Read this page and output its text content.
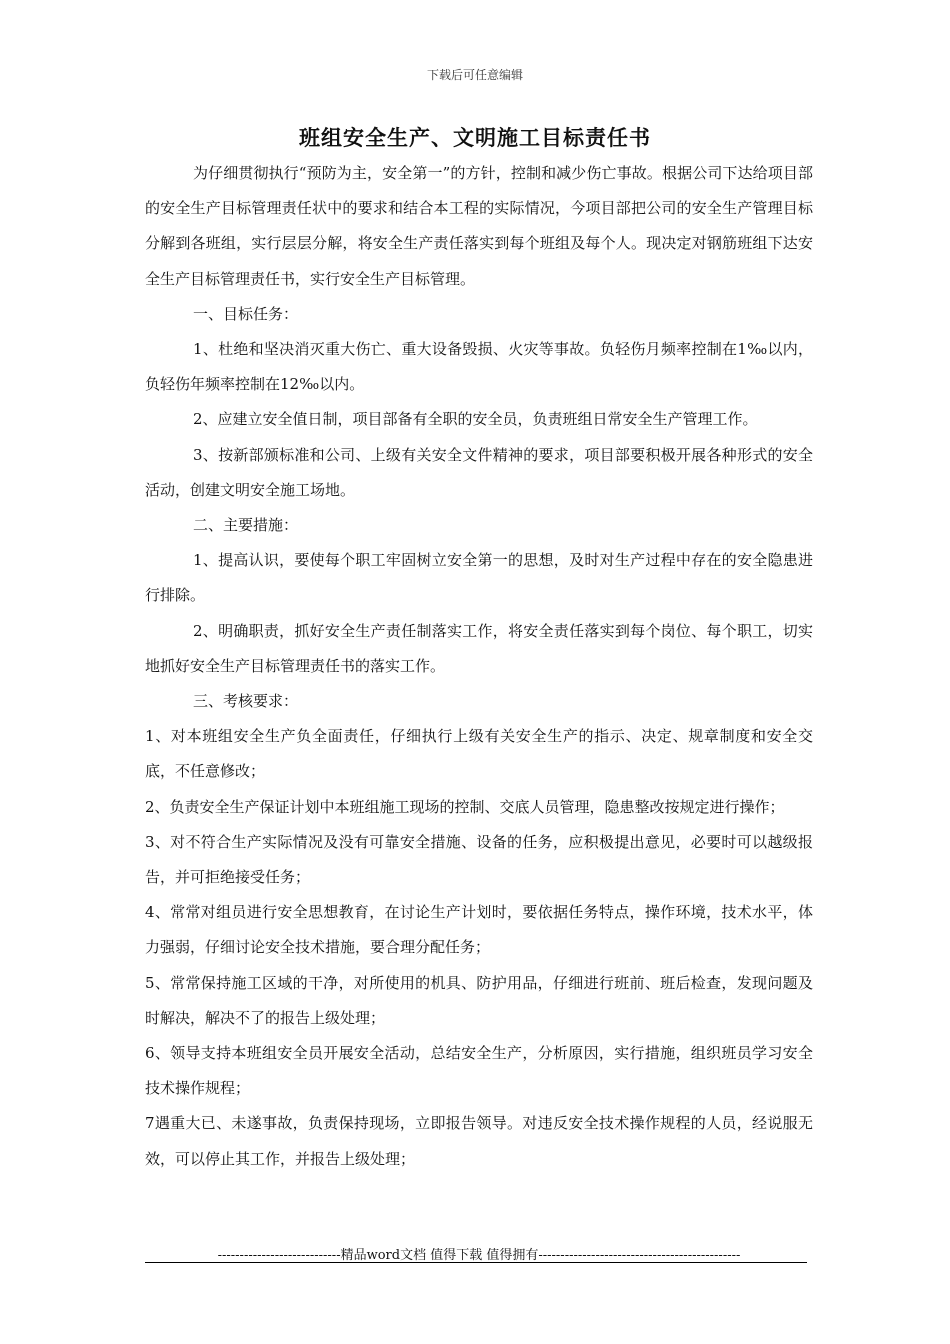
下载后可任意编辑
班组安全生产、文明施工目标责任书

为仔细贯彻执行“预防为主，安全第一”的方针，控制和减少伤亡事故。根据公司下达给项目部的安全生产目标管理责任状中的要求和结合本工程的实际情况，今项目部把公司的安全生产管理目标分解到各班组，实行层层分解，将安全生产责任落实到每个班组及每个人。现决定对钢筋班组下达安全生产目标管理责任书，实行安全生产目标管理。

一、目标任务：

1、杜绝和坚决消灭重大伤亡、重大设备毁损、火灾等事故。负轻伤月频率控制在1‰以内，负轻伤年频率控制在12‰以内。

2、应建立安全值日制，项目部备有全职的安全员，负责班组日常安全生产管理工作。

3、按新部颁标准和公司、上级有关安全文件精神的要求，项目部要积极开展各种形式的安全活动，创建文明安全施工场地。

二、主要措施：

1、提高认识，要使每个职工牢固树立安全第一的思想，及时对生产过程中存在的安全隐患进行排除。

2、明确职责，抓好安全生产责任制落实工作，将安全责任落实到每个岗位、每个职工，切实地抓好安全生产目标管理责任书的落实工作。

三、考核要求：

1、对本班组安全生产负全面责任，仔细执行上级有关安全生产的指示、决定、规章制度和安全交底，不任意修改；

2、负责安全生产保证计划中本班组施工现场的控制、交底人员管理，隐患整改按规定进行操作；

3、对不符合生产实际情况及没有可靠安全措施、设备的任务，应积极提出意见，必要时可以越级报告，并可拒绝接受任务；

4、常常对组员进行安全思想教育，在讨论生产计划时，要依据任务特点，操作环境，技术水平，体力强弱，仔细讨论安全技术措施，要合理分配任务；

5、常常保持施工区域的干净，对所使用的机具、防护用品，仔细进行班前、班后检查，发现问题及时解决，解决不了的报告上级处理；

6、领导支持本班组安全员开展安全活动，总结安全生产，分析原因，实行措施，组织班员学习安全技术操作规程；

7遇重大已、未遂事故，负责保持现场，立即报告领导。对违反安全技术操作规程的人员，经说服无效，可以停止其工作，并报告上级处理；

----------------------------精品word文档 值得下载 值得拥有----------------------------------------------
